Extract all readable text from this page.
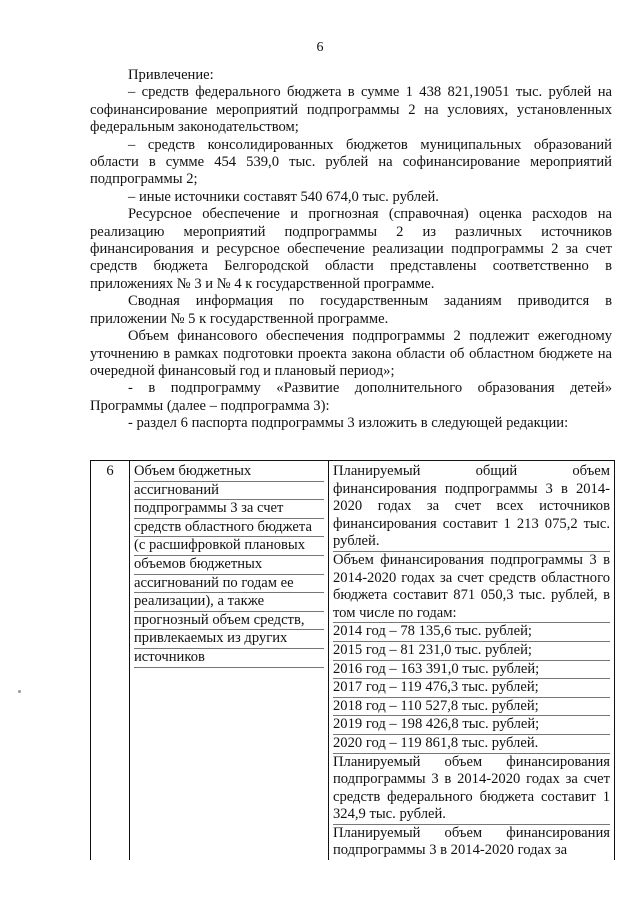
6

Привлечение:

– средств федерального бюджета в сумме 1 438 821,19051 тыс. рублей на софинансирование мероприятий подпрограммы 2 на условиях, установленных федеральным законодательством;

– средств консолидированных бюджетов муниципальных образований области в сумме 454 539,0 тыс. рублей на софинансирование мероприятий подпрограммы 2;

– иные источники составят 540 674,0 тыс. рублей.

Ресурсное обеспечение и прогнозная (справочная) оценка расходов на реализацию мероприятий подпрограммы 2 из различных источников финансирования и ресурсное обеспечение реализации подпрограммы 2 за счет средств бюджета Белгородской области представлены соответственно в приложениях № 3 и № 4 к государственной программе.

Сводная информация по государственным заданиям приводится в приложении № 5 к государственной программе.

Объем финансового обеспечения подпрограммы 2 подлежит ежегодному уточнению в рамках подготовки проекта закона области об областном бюджете на очередной финансовый год и плановый период»;

- в подпрограмму «Развитие дополнительного образования детей» Программы (далее – подпрограмма 3):

- раздел 6 паспорта подпрограммы 3 изложить в следующей редакции:

6	Объем бюджетных
ассигнований
подпрограммы 3 за счет
средств областного бюджета
(с расшифровкой плановых
объемов бюджетных
ассигнований по годам ее
реализации), а также
прогнозный объем средств,
привлекаемых из других
источников

Планируемый общий объем финансирования подпрограммы 3 в 2014-2020 годах за счет всех источников финансирования составит 1 213 075,2 тыс. рублей.
Объем финансирования подпрограммы 3 в 2014-2020 годах за счет средств областного бюджета составит 871 050,3 тыс. рублей, в том числе по годам:
2014 год – 78 135,6 тыс. рублей;
2015 год – 81 231,0 тыс. рублей;
2016 год – 163 391,0 тыс. рублей;
2017 год – 119 476,3 тыс. рублей;
2018 год – 110 527,8 тыс. рублей;
2019 год – 198 426,8 тыс. рублей;
2020 год – 119 861,8 тыс. рублей.
Планируемый объем финансирования подпрограммы 3 в 2014-2020 годах за счет средств федерального бюджета составит 1 324,9 тыс. рублей.
Планируемый объем финансирования подпрограммы 3 в 2014-2020 годах за
